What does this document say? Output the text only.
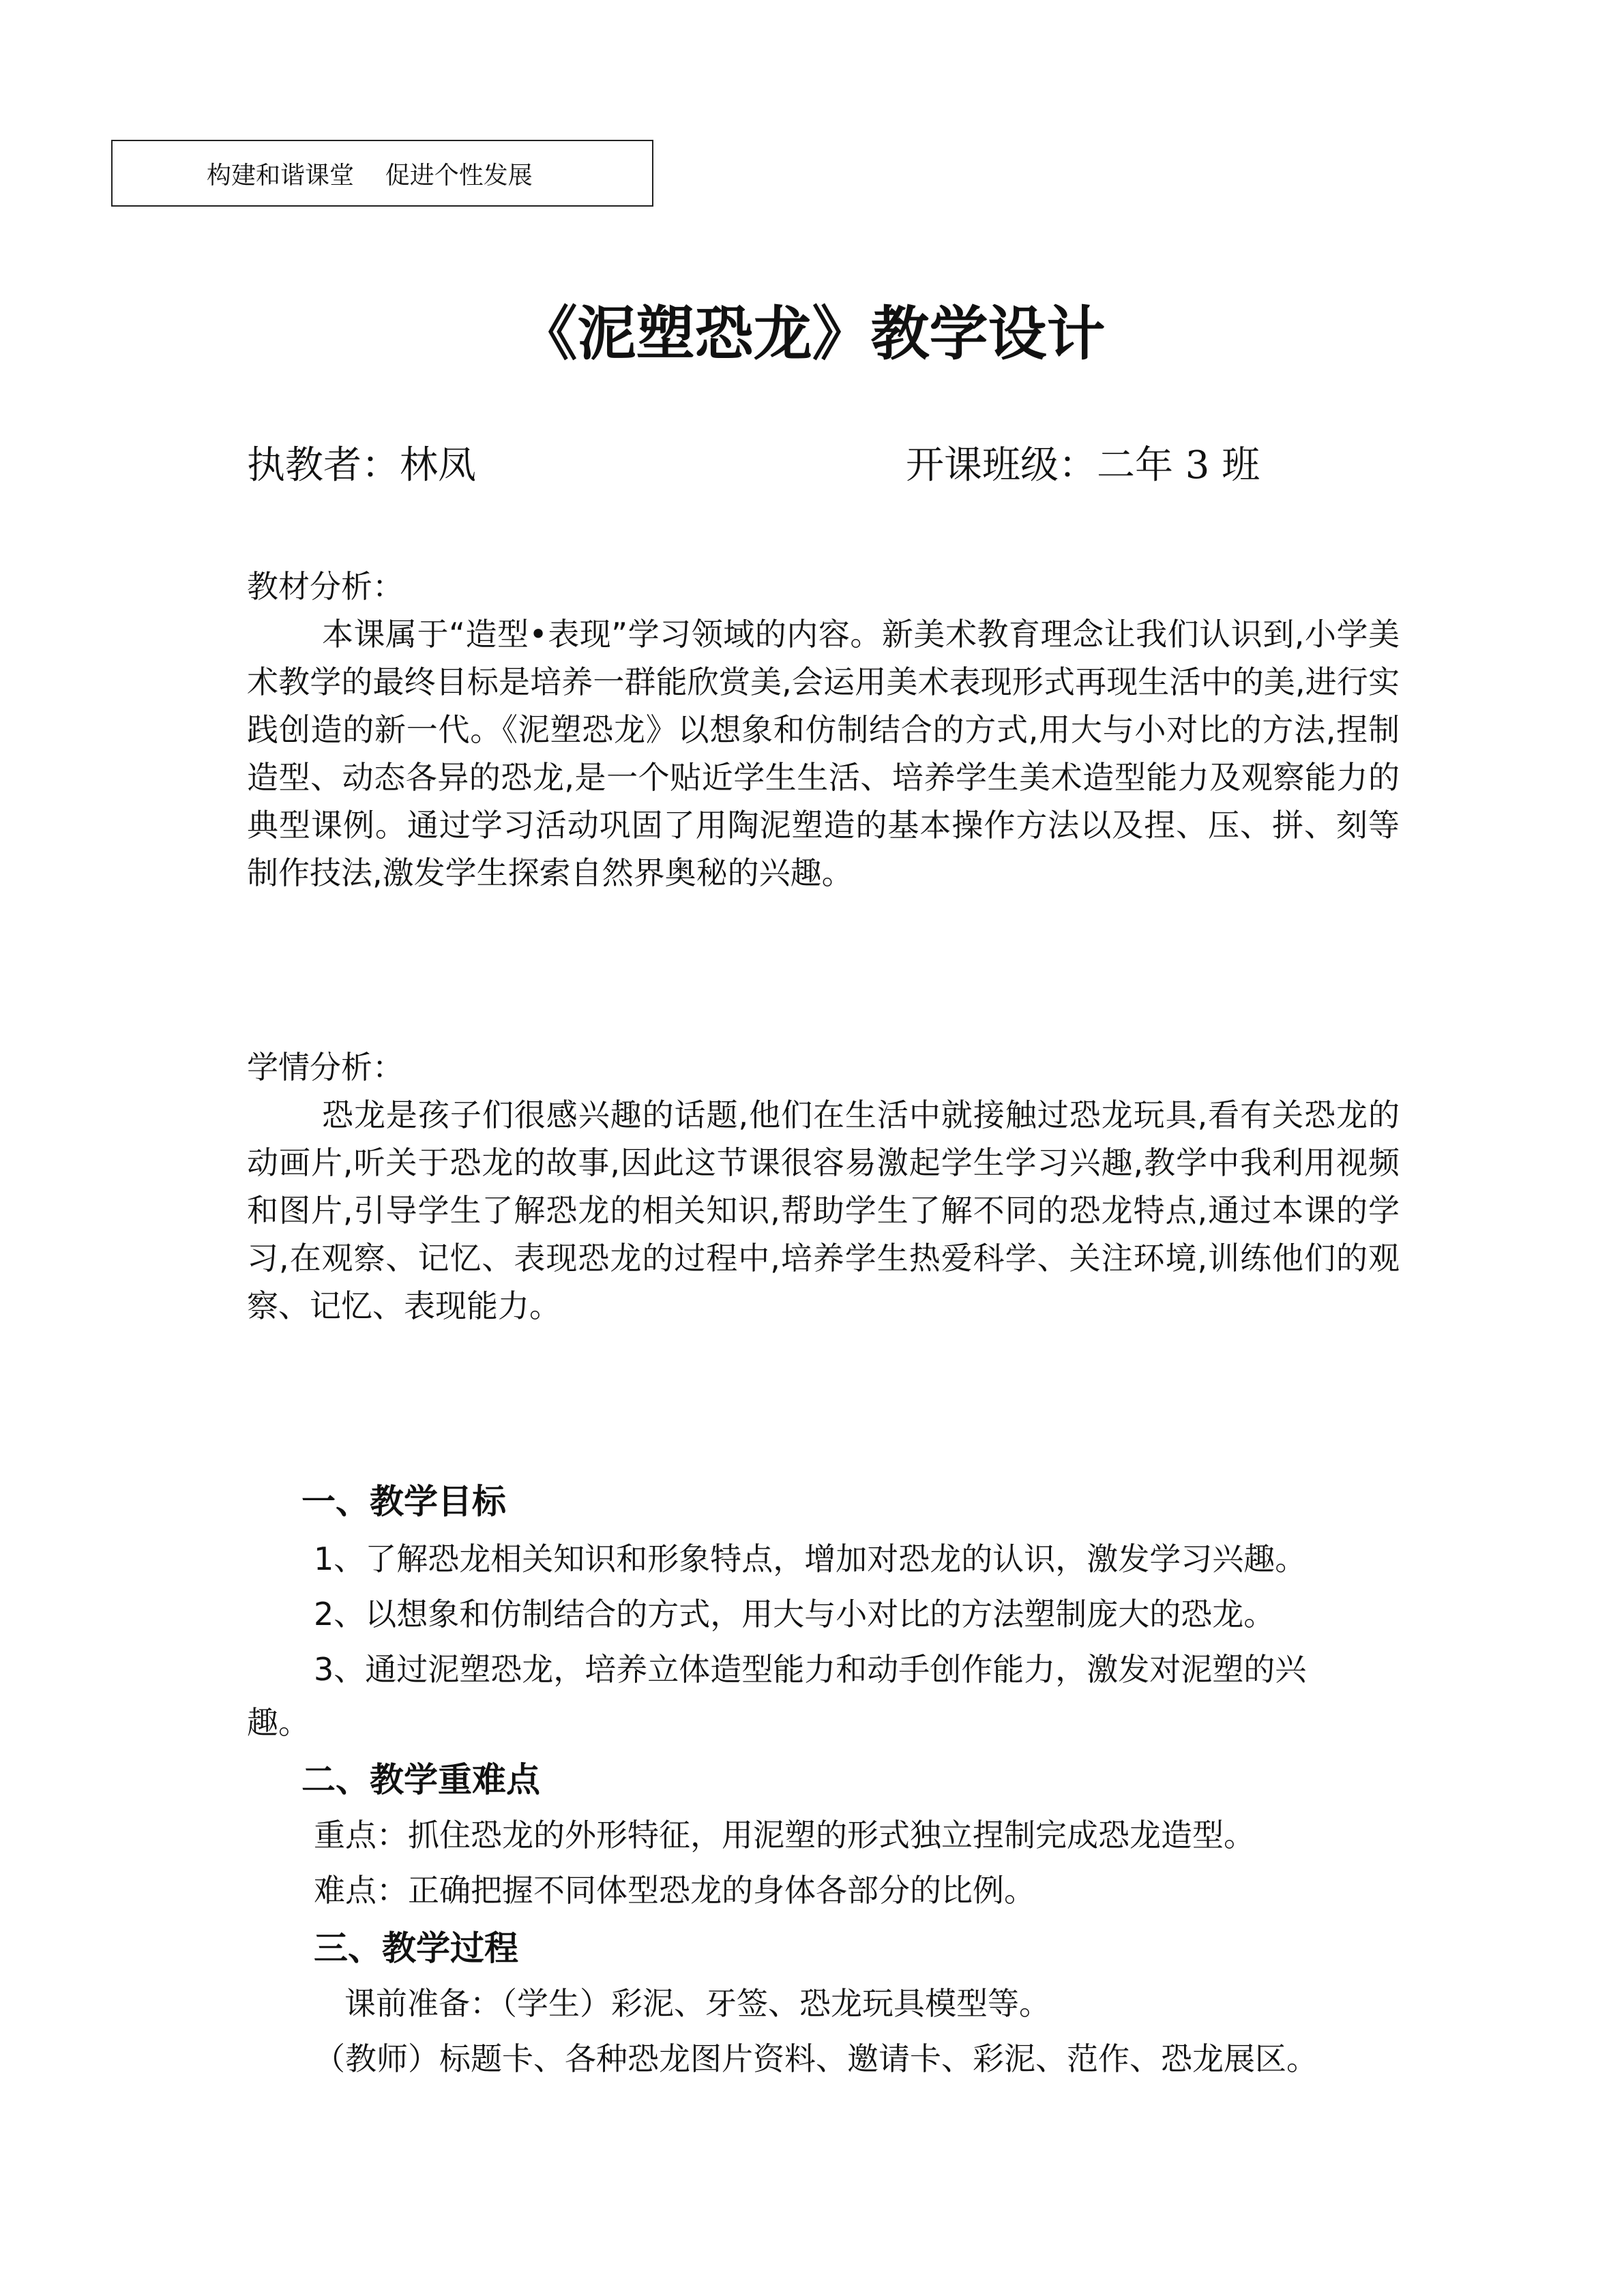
构建和谐课堂    促进个性发展
《泥塑恐龙》教学设计
执教者：林凤	开课班级：二年 3 班
教材分析：
本课属于“造型•表现”学习领域的内容。新美术教育理念让我们认识到,小学美术教学的最终目标是培养一群能欣赏美,会运用美术表现形式再现生活中的美,进行实践创造的新一代。《泥塑恐龙》以想象和仿制结合的方式,用大与小对比的方法,捏制造型、动态各异的恐龙,是一个贴近学生生活、培养学生美术造型能力及观察能力的典型课例。通过学习活动巩固了用陶泥塑造的基本操作方法以及捏、压、拼、刻等制作技法,激发学生探索自然界奥秘的兴趣。
学情分析：
恐龙是孩子们很感兴趣的话题,他们在生活中就接触过恐龙玩具,看有关恐龙的动画片,听关于恐龙的故事,因此这节课很容易激起学生学习兴趣,教学中我利用视频和图片,引导学生了解恐龙的相关知识,帮助学生了解不同的恐龙特点,通过本课的学习,在观察、记忆、表现恐龙的过程中,培养学生热爱科学、关注环境,训练他们的观察、记忆、表现能力。
一、教学目标
1、了解恐龙相关知识和形象特点，增加对恐龙的认识，激发学习兴趣。
2、以想象和仿制结合的方式，用大与小对比的方法塑制庞大的恐龙。
3、通过泥塑恐龙，培养立体造型能力和动手创作能力，激发对泥塑的兴
趣。
二、教学重难点
重点：抓住恐龙的外形特征，用泥塑的形式独立捏制完成恐龙造型。
难点：正确把握不同体型恐龙的身体各部分的比例。
三、教学过程
课前准备：（学生）彩泥、牙签、恐龙玩具模型等。
（教师）标题卡、各种恐龙图片资料、邀请卡、彩泥、范作、恐龙展区。
